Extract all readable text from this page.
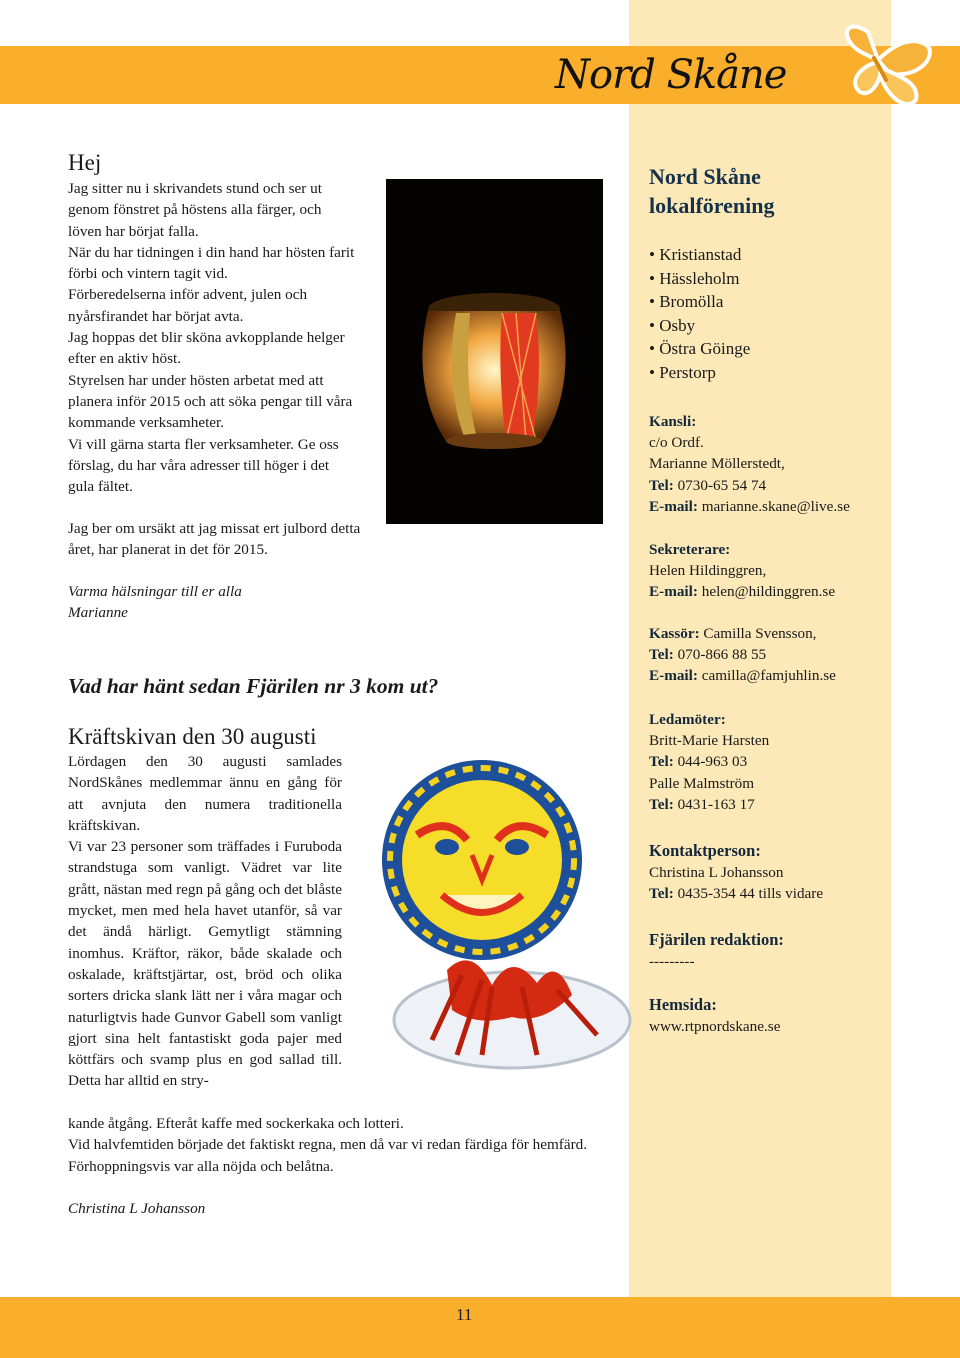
Nord Skåne
Hej

Jag sitter nu i skrivandets stund och ser ut genom fönstret på höstens alla färger, och löven har börjat falla.

När du har tidningen i din hand har hösten farit förbi och vintern tagit vid.

Förberedelserna inför advent, julen och nyårsfirandet har börjat avta.

Jag hoppas det blir sköna avkopplande helger efter en aktiv höst.

Styrelsen har under hösten arbetat med att planera inför 2015 och att söka pengar till våra kommande verksamheter.

Vi vill gärna starta fler verksamheter. Ge oss förslag, du har våra adresser till höger i det gula fältet.

Jag ber om ursäkt att jag missat ert julbord detta året, har planerat in det för 2015.

Varma hälsningar till er alla

Marianne

Vad har hänt sedan Fjärilen nr 3 kom ut?
Kräftskivan den 30 augusti

Lördagen den 30 augusti samlades NordSkånes medlemmar ännu en gång för att avnjuta den numera traditionella kräftskivan.

Vi var 23 personer som träffades i Furuboda strandstuga som vanligt. Vädret var lite grått, nästan med regn på gång och det blåste mycket, men med hela havet utanför, så var det ändå härligt. Gemytligt stämning inomhus. Kräftor, räkor, både skalade och oskalade, kräftstjärtar, ost, bröd och olika sorters dricka slank lätt ner i våra magar och naturligtvis hade Gunvor Gabell som vanligt gjort sina helt fantastiskt goda pajer med köttfärs och svamp plus en god sallad till. Detta har alltid en stry-

kande åtgång. Efteråt kaffe med sockerkaka och lotteri.

Vid halvfemtiden började det faktiskt regna, men då var vi redan färdiga för hemfärd. Förhoppningsvis var alla nöjda och belåtna.

Christina L Johansson
Nord Skåne
lokalförening

• Kristianstad

• Hässleholm

• Bromölla

• Osby

• Östra Göinge

• Perstorp

Kansli:

c/o Ordf.

Marianne Möllerstedt,

Tel: 0730-65 54 74

E-mail: marianne.skane@live.se

Sekreterare:

Helen Hildinggren,

E-mail: helen@hildinggren.se

Kassör: Camilla Svensson,

Tel: 070-866 88 55

E-mail: camilla@famjuhlin.se

Ledamöter:

Britt-Marie Harsten

Tel: 044-963 03

Palle Malmström

Tel: 0431-163 17

Kontaktperson:

Christina L Johansson

Tel: 0435-354 44 tills vidare

Fjärilen redaktion:

---------

Hemsida:

www.rtpnordskane.se

11
